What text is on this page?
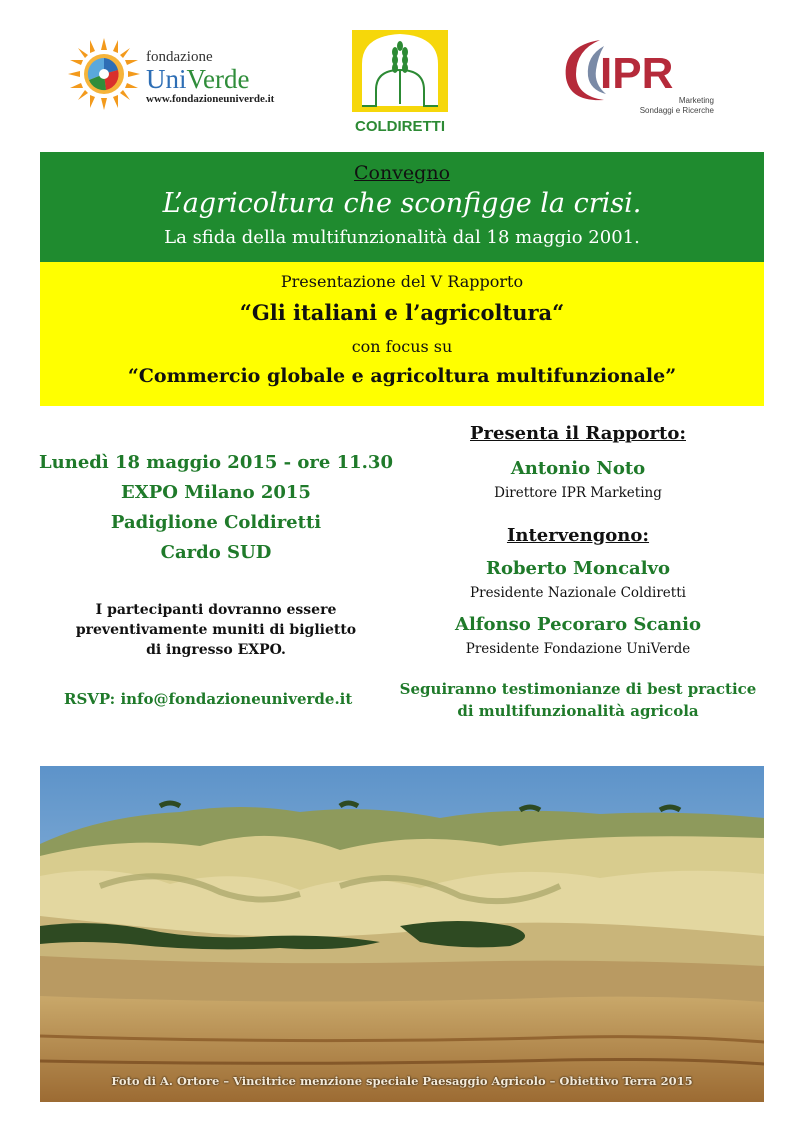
fondazione
UniVerde
www.fondazioneuniverde.it
COLDIRETTI
IPR
Marketing
Sondaggi e Ricerche
Convegno
L’agricoltura che sconfigge la crisi.
La sfida della multifunzionalità dal 18 maggio 2001.
Presentazione del V Rapporto
“Gli italiani e l’agricoltura“
con focus su
“Commercio globale e agricoltura multifunzionale”
Lunedì 18 maggio 2015 - ore 11.30
EXPO Milano 2015
Padiglione Coldiretti
Cardo SUD
I partecipanti dovranno essere
preventivamente muniti di biglietto
di ingresso EXPO.
RSVP: info@fondazioneuniverde.it
Presenta il Rapporto:
Antonio Noto
Direttore IPR Marketing
Intervengono:
Roberto Moncalvo
Presidente Nazionale Coldiretti
Alfonso Pecoraro Scanio
Presidente Fondazione UniVerde
Seguiranno testimonianze di best practice
di multifunzionalità agricola
Foto di A. Ortore – Vincitrice menzione speciale Paesaggio Agricolo – Obiettivo Terra 2015
